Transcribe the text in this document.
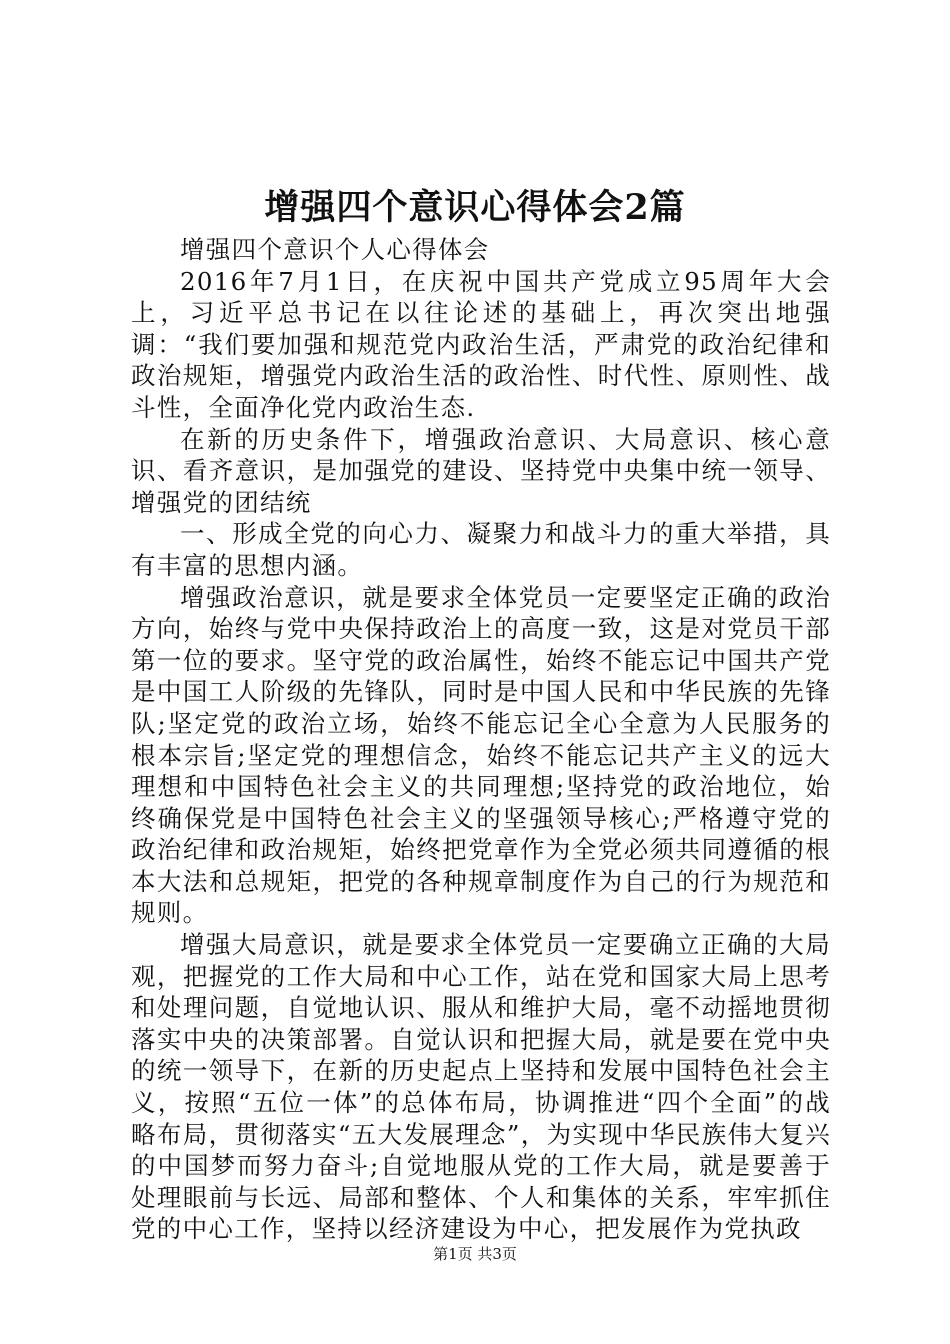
增强四个意识心得体会2篇

增强四个意识个人心得体会

2016年7月1日，在庆祝中国共产党成立95周年大会上，习近平总书记在以往论述的基础上，再次突出地强调：“我们要加强和规范党内政治生活，严肃党的政治纪律和政治规矩，增强党内政治生活的政治性、时代性、原则性、战斗性，全面净化党内政治生态.

在新的历史条件下，增强政治意识、大局意识、核心意识、看齐意识，是加强党的建设、坚持党中央集中统一领导、增强党的团结统

一、形成全党的向心力、凝聚力和战斗力的重大举措，具有丰富的思想内涵。

增强政治意识，就是要求全体党员一定要坚定正确的政治方向，始终与党中央保持政治上的高度一致，这是对党员干部第一位的要求。坚守党的政治属性，始终不能忘记中国共产党是中国工人阶级的先锋队，同时是中国人民和中华民族的先锋队;坚定党的政治立场，始终不能忘记全心全意为人民服务的根本宗旨;坚定党的理想信念，始终不能忘记共产主义的远大理想和中国特色社会主义的共同理想;坚持党的政治地位，始终确保党是中国特色社会主义的坚强领导核心;严格遵守党的政治纪律和政治规矩，始终把党章作为全党必须共同遵循的根本大法和总规矩，把党的各种规章制度作为自己的行为规范和规则。

增强大局意识，就是要求全体党员一定要确立正确的大局观，把握党的工作大局和中心工作，站在党和国家大局上思考和处理问题，自觉地认识、服从和维护大局，毫不动摇地贯彻落实中央的决策部署。自觉认识和把握大局，就是要在党中央的统一领导下，在新的历史起点上坚持和发展中国特色社会主义，按照“五位一体”的总体布局，协调推进“四个全面”的战略布局，贯彻落实“五大发展理念”，为实现中华民族伟大复兴的中国梦而努力奋斗;自觉地服从党的工作大局，就是要善于处理眼前与长远、局部和整体、个人和集体的关系，牢牢抓住党的中心工作，坚持以经济建设为中心，把发展作为党执政

第1页 共3页
